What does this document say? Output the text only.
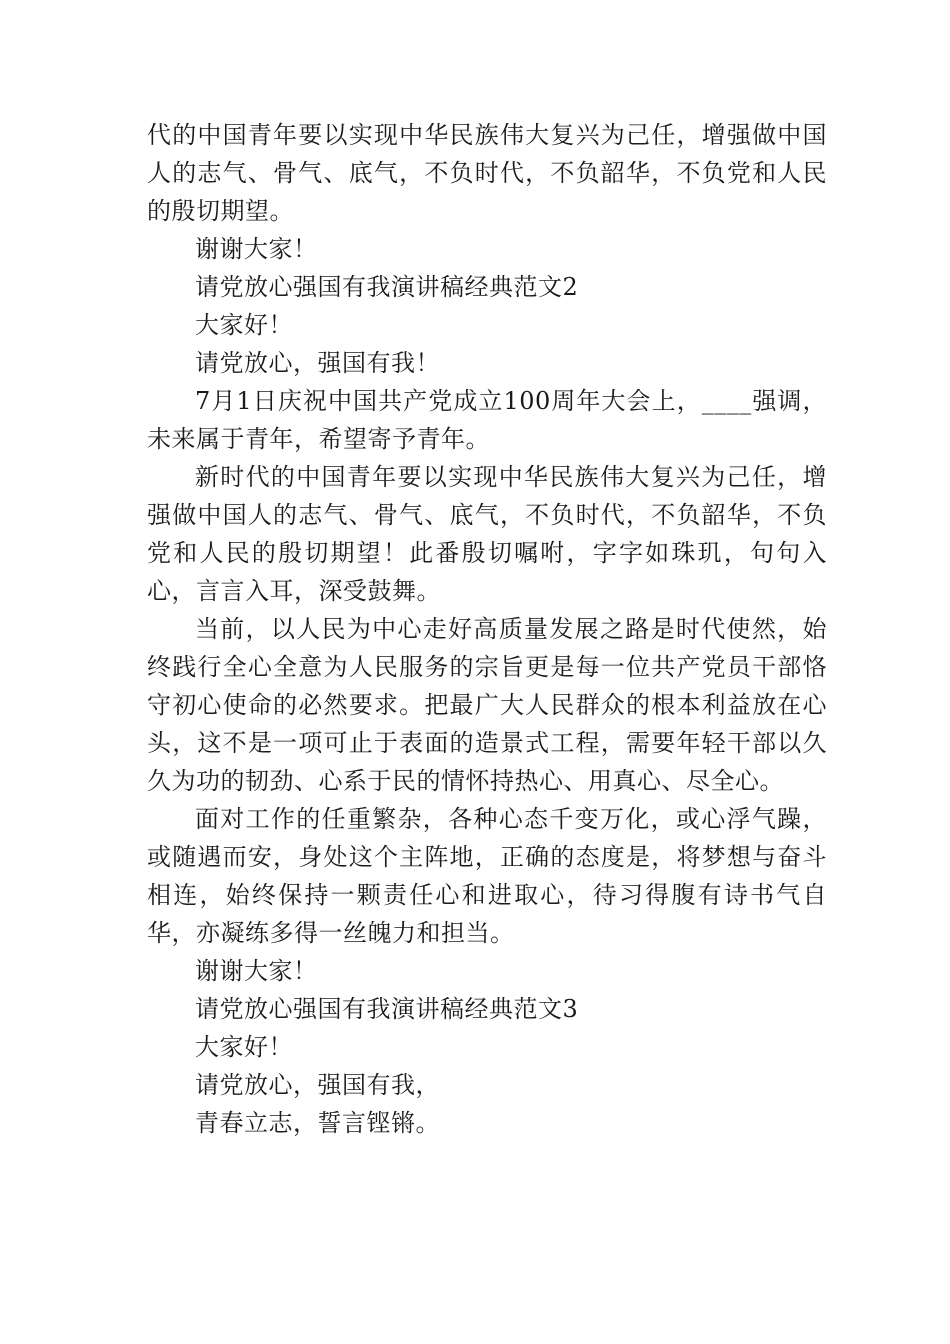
代的中国青年要以实现中华民族伟大复兴为己任，增强做中国人的志气、骨气、底气，不负时代，不负韶华，不负党和人民的殷切期望。

谢谢大家！

请党放心强国有我演讲稿经典范文2

大家好！

请党放心，强国有我！

7月1日庆祝中国共产党成立100周年大会上，____强调，未来属于青年，希望寄予青年。

新时代的中国青年要以实现中华民族伟大复兴为己任，增强做中国人的志气、骨气、底气，不负时代，不负韶华，不负党和人民的殷切期望！此番殷切嘱咐，字字如珠玑，句句入心，言言入耳，深受鼓舞。

当前，以人民为中心走好高质量发展之路是时代使然，始终践行全心全意为人民服务的宗旨更是每一位共产党员干部恪守初心使命的必然要求。把最广大人民群众的根本利益放在心头，这不是一项可止于表面的造景式工程，需要年轻干部以久久为功的韧劲、心系于民的情怀持热心、用真心、尽全心。

面对工作的任重繁杂，各种心态千变万化，或心浮气躁，或随遇而安，身处这个主阵地，正确的态度是，将梦想与奋斗相连，始终保持一颗责任心和进取心，待习得腹有诗书气自华，亦凝练多得一丝魄力和担当。

谢谢大家！

请党放心强国有我演讲稿经典范文3

大家好！

请党放心，强国有我，

青春立志，誓言铿锵。
